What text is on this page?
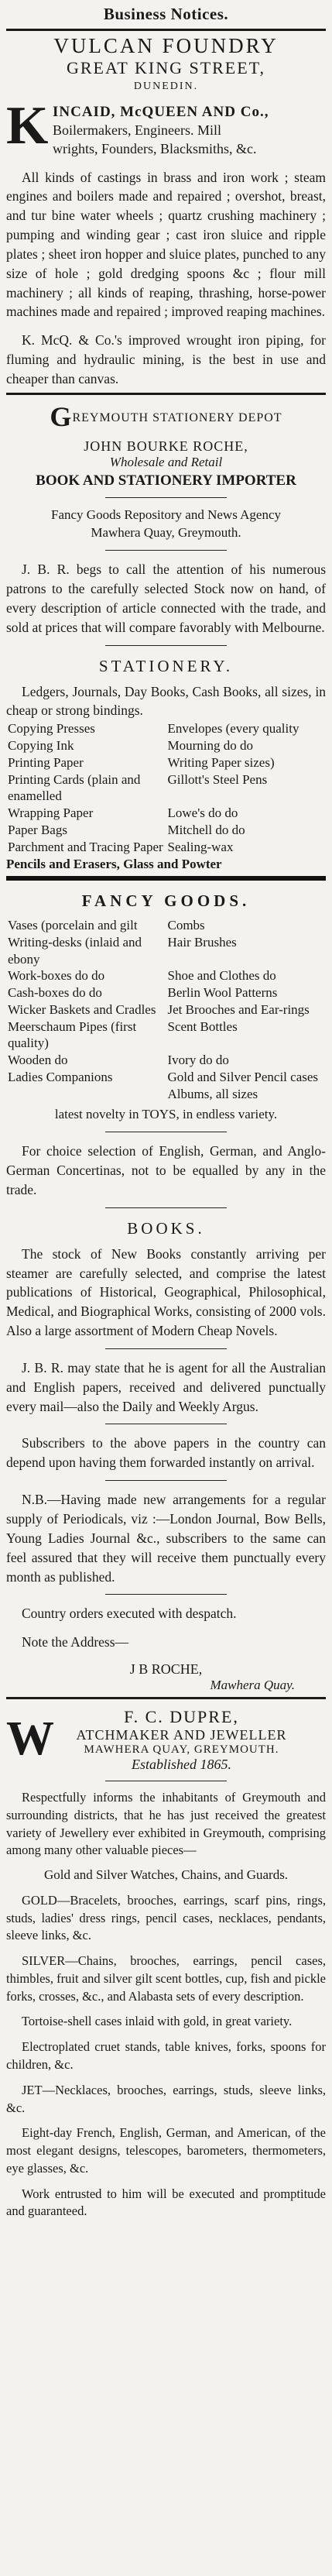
Business Notices.
VULCAN FOUNDRY
GREAT KING STREET,
DUNEDIN.
K INCAID, McQUEEN AND Co.,

Boilermakers, Engineers. Mill

wrights, Founders, Blacksmiths, &c.

All kinds of castings in brass and iron work ; steam engines and boilers made and repaired ; overshot, breast, and tur bine water wheels ; quartz crushing machinery ; pumping and winding gear ; cast iron sluice and ripple plates ; sheet iron hopper and sluice plates, punched to any size of hole ; gold dredging spoons &c ; flour mill machinery ; all kinds of reaping, thrashing, horse-power machines made and repaired ; improved reaping machines.

K. McQ. & Co.'s improved wrought iron piping, for fluming and hydraulic mining, is the best in use and cheaper than canvas.

GREYMOUTH STATIONERY DEPOT
JOHN BOURKE ROCHE,
Wholesale and Retail
BOOK AND STATIONERY IMPORTER
Fancy Goods Repository and News Agency
Mawhera Quay, Greymouth.

J. B. R. begs to call the attention of his numerous patrons to the carefully selected Stock now on hand, of every description of article connected with the trade, and sold at prices that will compare favorably with Melbourne.

STATIONERY.

Ledgers, Journals, Day Books, Cash Books, all sizes, in cheap or strong bindings.

Copying Presses	Envelopes (every quality
Copying Ink	Mourning do do
Printing Paper	Writing Paper sizes)
Printing Cards (plain and enamelled	Gillott's Steel Pens
Wrapping Paper	Lowe's do do
Paper Bags	Mitchell do do
Parchment and Tracing Paper	Sealing-wax
Pencils and Erasers, Glass and Powter
FANCY GOODS.
Vases (porcelain and gilt	Combs
Writing-desks (inlaid and ebony	Hair Brushes
Work-boxes do do	Shoe and Clothes do
Cash-boxes do do	Berlin Wool Patterns
Wicker Baskets and Cradles	Jet Brooches and Ear-rings
Meerschaum Pipes (first quality)	Scent Bottles
Wooden do	Ivory do do
Ladies Companions	Gold and Silver Pencil cases
	Albums, all sizes
latest novelty in TOYS, in endless variety.

For choice selection of English, German, and Anglo-German Concertinas, not to be equalled by any in the trade.

BOOKS.

The stock of New Books constantly arriving per steamer are carefully selected, and comprise the latest publications of Historical, Geographical, Philosophical, Medical, and Biographical Works, consisting of 2000 vols. Also a large assortment of Modern Cheap Novels.

J. B. R. may state that he is agent for all the Australian and English papers, received and delivered punctually every mail—also the Daily and Weekly Argus.

Subscribers to the above papers in the country can depend upon having them forwarded instantly on arrival.

N.B.—Having made new arrangements for a regular supply of Periodicals, viz :—London Journal, Bow Bells, Young Ladies Journal &c., subscribers to the same can feel assured that they will receive them punctually every month as published.

Country orders executed with despatch.

Note the Address—

J B ROCHE,
Mawhera Quay.
F. C. DUPRE,
W	ATCHMAKER AND JEWELLER
MAWHERA QUAY, GREYMOUTH.
Established 1865.

Respectfully informs the inhabitants of Greymouth and surrounding districts, that he has just received the greatest variety of Jewellery ever exhibited in Greymouth, comprising among many other valuable pieces—

Gold and Silver Watches, Chains, and Guards.

GOLD—Bracelets, brooches, earrings, scarf pins, rings, studs, ladies' dress rings, pencil cases, necklaces, pendants, sleeve links, &c.

SILVER—Chains, brooches, earrings, pencil cases, thimbles, fruit and silver gilt scent bottles, cup, fish and pickle forks, crosses, &c., and Alabasta sets of every description.

Tortoise-shell cases inlaid with gold, in great variety.

Electroplated cruet stands, table knives, forks, spoons for children, &c.

JET—Necklaces, brooches, earrings, studs, sleeve links, &c.

Eight-day French, English, German, and American, of the most elegant designs, telescopes, barometers, thermometers, eye glasses, &c.

Work entrusted to him will be executed and promptitude and guaranteed.
